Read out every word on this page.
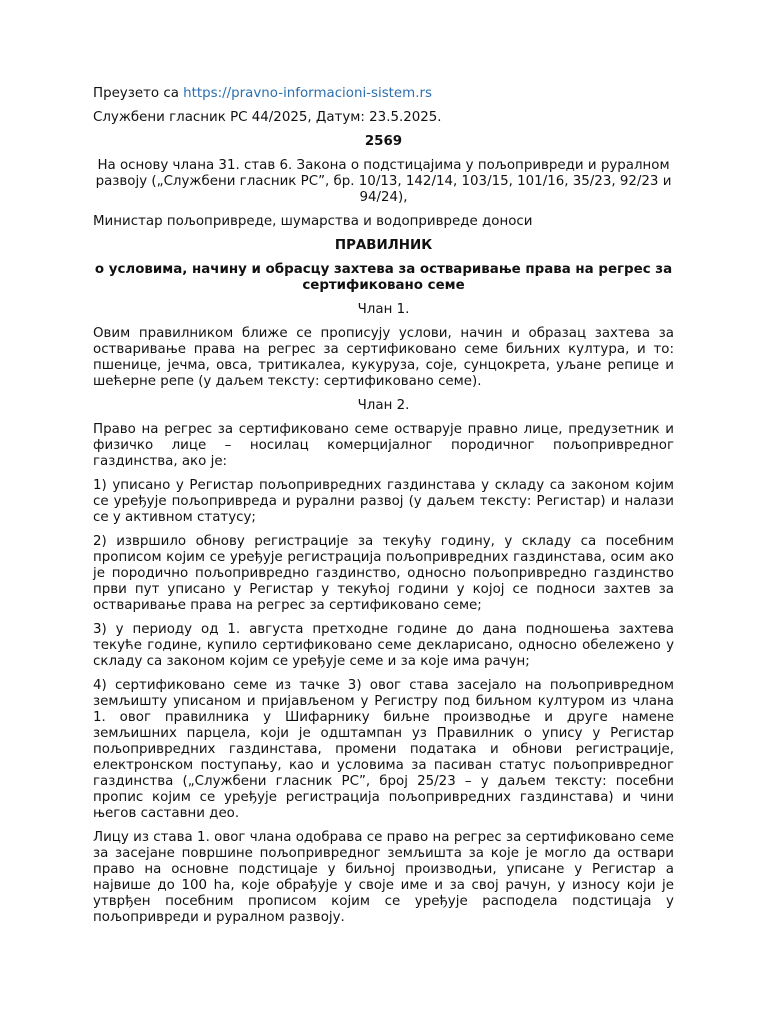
Преузето са https://pravno-informacioni-sistem.rs

Службени гласник РС 44/2025, Датум: 23.5.2025.

2569

На основу члана 31. став 6. Закона о подстицајима у пољопривреди и руралном развоју („Службени гласник РС”, бр. 10/13, 142/14, 103/15, 101/16, 35/23, 92/23 и 94/24),

Министар пољопривреде, шумарства и водопривреде доноси

ПРАВИЛНИК

о условима, начину и обрасцу захтева за остваривање права на регрес за сертификовано семе

Члан 1.

Овим правилником ближе се прописују услови, начин и образац захтева за остваривање права на регрес за сертификовано семе биљних култура, и то: пшенице, јечма, овса, тритикалеа, кукуруза, соје, сунцокрета, уљане репице и шећерне репе (у даљем тексту: сертификовано семе).

Члан 2.

Право на регрес за сертификовано семе остварује правно лице, предузетник и физичко лице – носилац комерцијалног породичног пољопривредног газдинства, ако је:

1) уписано у Регистар пољопривредних газдинстава у складу са законом којим се уређује пољопривреда и рурални развој (у даљем тексту: Регистар) и налази се у активном статусу;

2) извршило обнову регистрације за текућу годину, у складу са посебним прописом којим се уређује регистрација пољопривредних газдинстава, осим ако је породично пољопривредно газдинство, односно пољопривредно газдинство први пут уписано у Регистар у текућој години у којој се подноси захтев за остваривање права на регрес за сертификовано семе;

3) у периоду од 1. августа претходне године до дана подношења захтева текуће године, купило сертификовано семе декларисано, односно обележено у складу са законом којим се уређује семе и за које има рачун;

4) сертификовано семе из тачке 3) овог става засејало на пољопривредном земљишту уписаном и пријављеном у Регистру под биљном културом из члана 1. овог правилника у Шифарнику биљне производње и друге намене земљишних парцела, који је одштампан уз Правилник о упису у Регистар пољопривредних газдинстава, промени података и обнови регистрације, електронском поступању, као и условима за пасиван статус пољопривредног газдинства („Службени гласник РС”, број 25/23 – у даљем тексту: посебни пропис којим се уређује регистрација пољопривредних газдинстава) и чини његов саставни део.

Лицу из става 1. овог члана одобрава се право на регрес за сертификовано семе за засејане површине пољопривредног земљишта за које је могло да оствари право на основне подстицаје у биљној производњи, уписане у Регистар а највише до 100 ha, које обрађује у своје име и за свој рачун, у износу који је утврђен посебним прописом којим се уређује расподела подстицаја у пољопривреди и руралном развоју.
